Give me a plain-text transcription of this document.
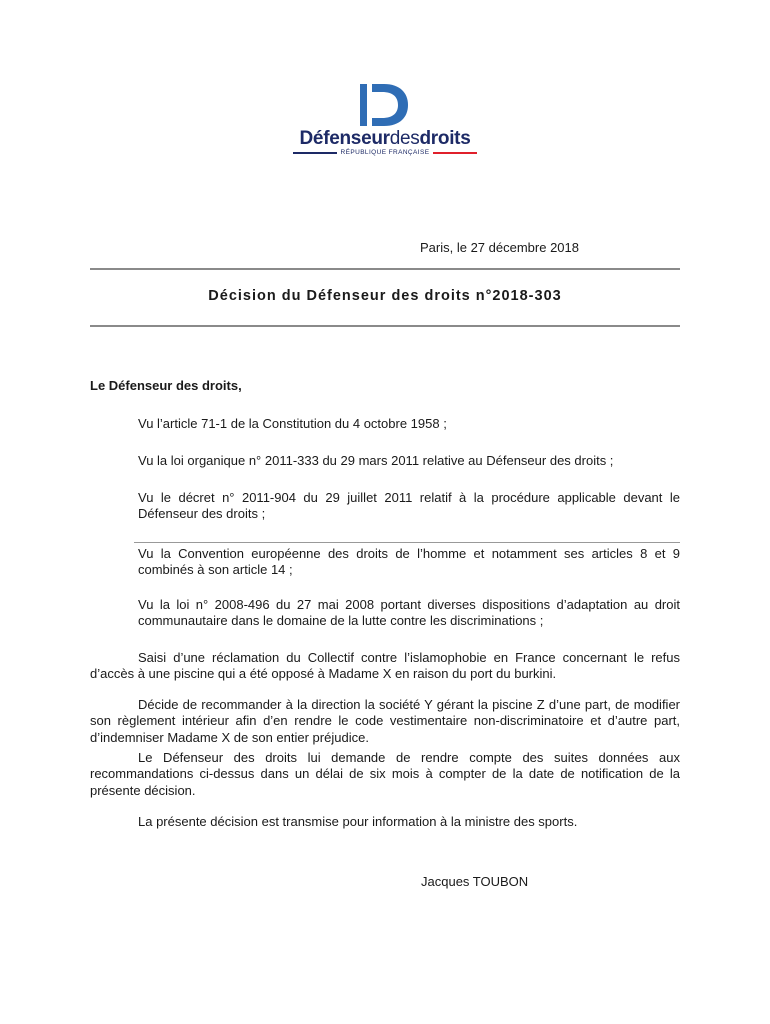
Défenseurdesdroits
RÉPUBLIQUE FRANÇAISE
Paris, le 27 décembre 2018
Décision du Défenseur des droits n°2018-303
Le Défenseur des droits,
Vu l’article 71-1 de la Constitution du 4 octobre 1958 ;
Vu la loi organique n° 2011-333 du 29 mars 2011 relative au Défenseur des droits ;
Vu le décret n° 2011-904 du 29 juillet 2011 relatif à la procédure applicable devant le Défenseur des droits ;
Vu la Convention européenne des droits de l’homme et notamment ses articles 8 et 9 combinés à son article 14 ;
Vu la loi n° 2008-496 du 27 mai 2008 portant diverses dispositions d’adaptation au droit communautaire dans le domaine de la lutte contre les discriminations ;
Saisi d’une réclamation du Collectif contre l’islamophobie en France concernant le refus d’accès à une piscine qui a été opposé à Madame X en raison du port du burkini.
Décide de recommander à la direction la société Y gérant la piscine Z d’une part, de modifier son règlement intérieur afin d’en rendre le code vestimentaire non-discriminatoire et d’autre part, d’indemniser Madame X de son entier préjudice.
Le Défenseur des droits lui demande de rendre compte des suites données aux recommandations ci-dessus dans un délai de six mois à compter de la date de notification de la présente décision.
La présente décision est transmise pour information à la ministre des sports.
Jacques TOUBON
